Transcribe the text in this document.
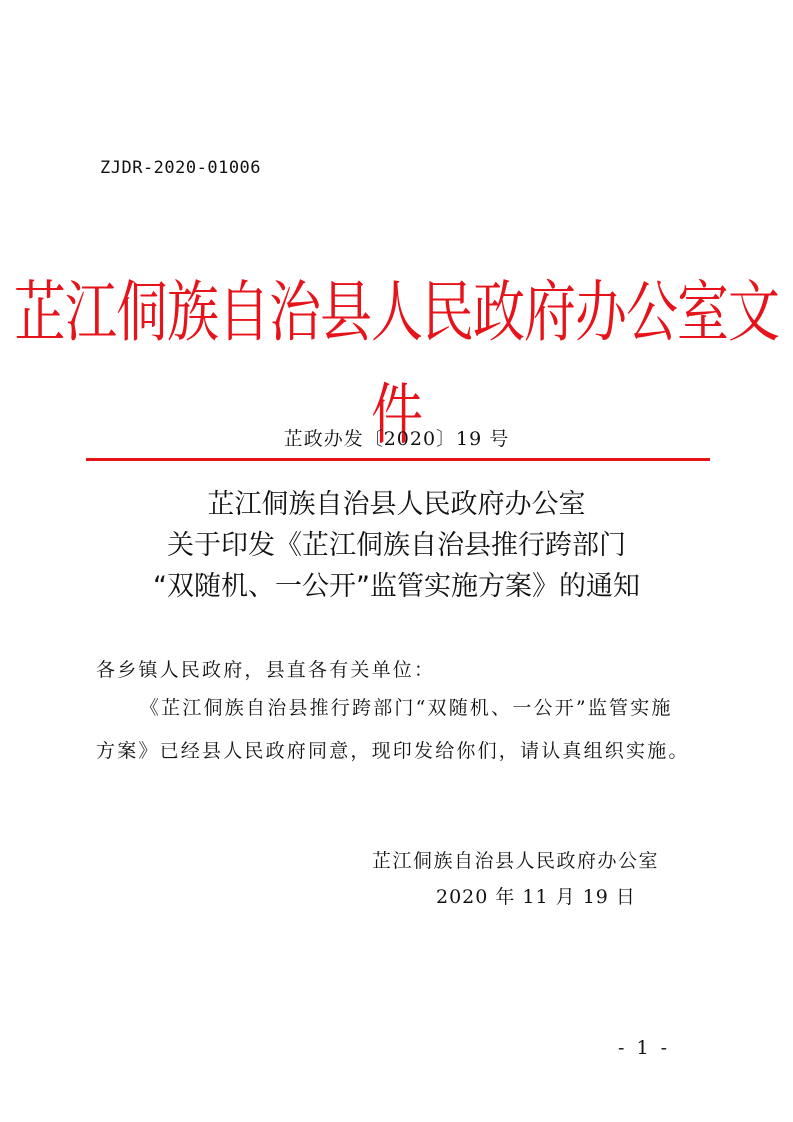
ZJDR-2020-01006
芷江侗族自治县人民政府办公室文件
芷政办发〔2020〕19 号
芷江侗族自治县人民政府办公室
关于印发《芷江侗族自治县推行跨部门
“双随机、一公开”监管实施方案》的通知
各乡镇人民政府，县直各有关单位：
《芷江侗族自治县推行跨部门“双随机、一公开”监管实施
方案》已经县人民政府同意，现印发给你们，请认真组织实施。
芷江侗族自治县人民政府办公室
2020 年 11 月 19 日
- 1 -
